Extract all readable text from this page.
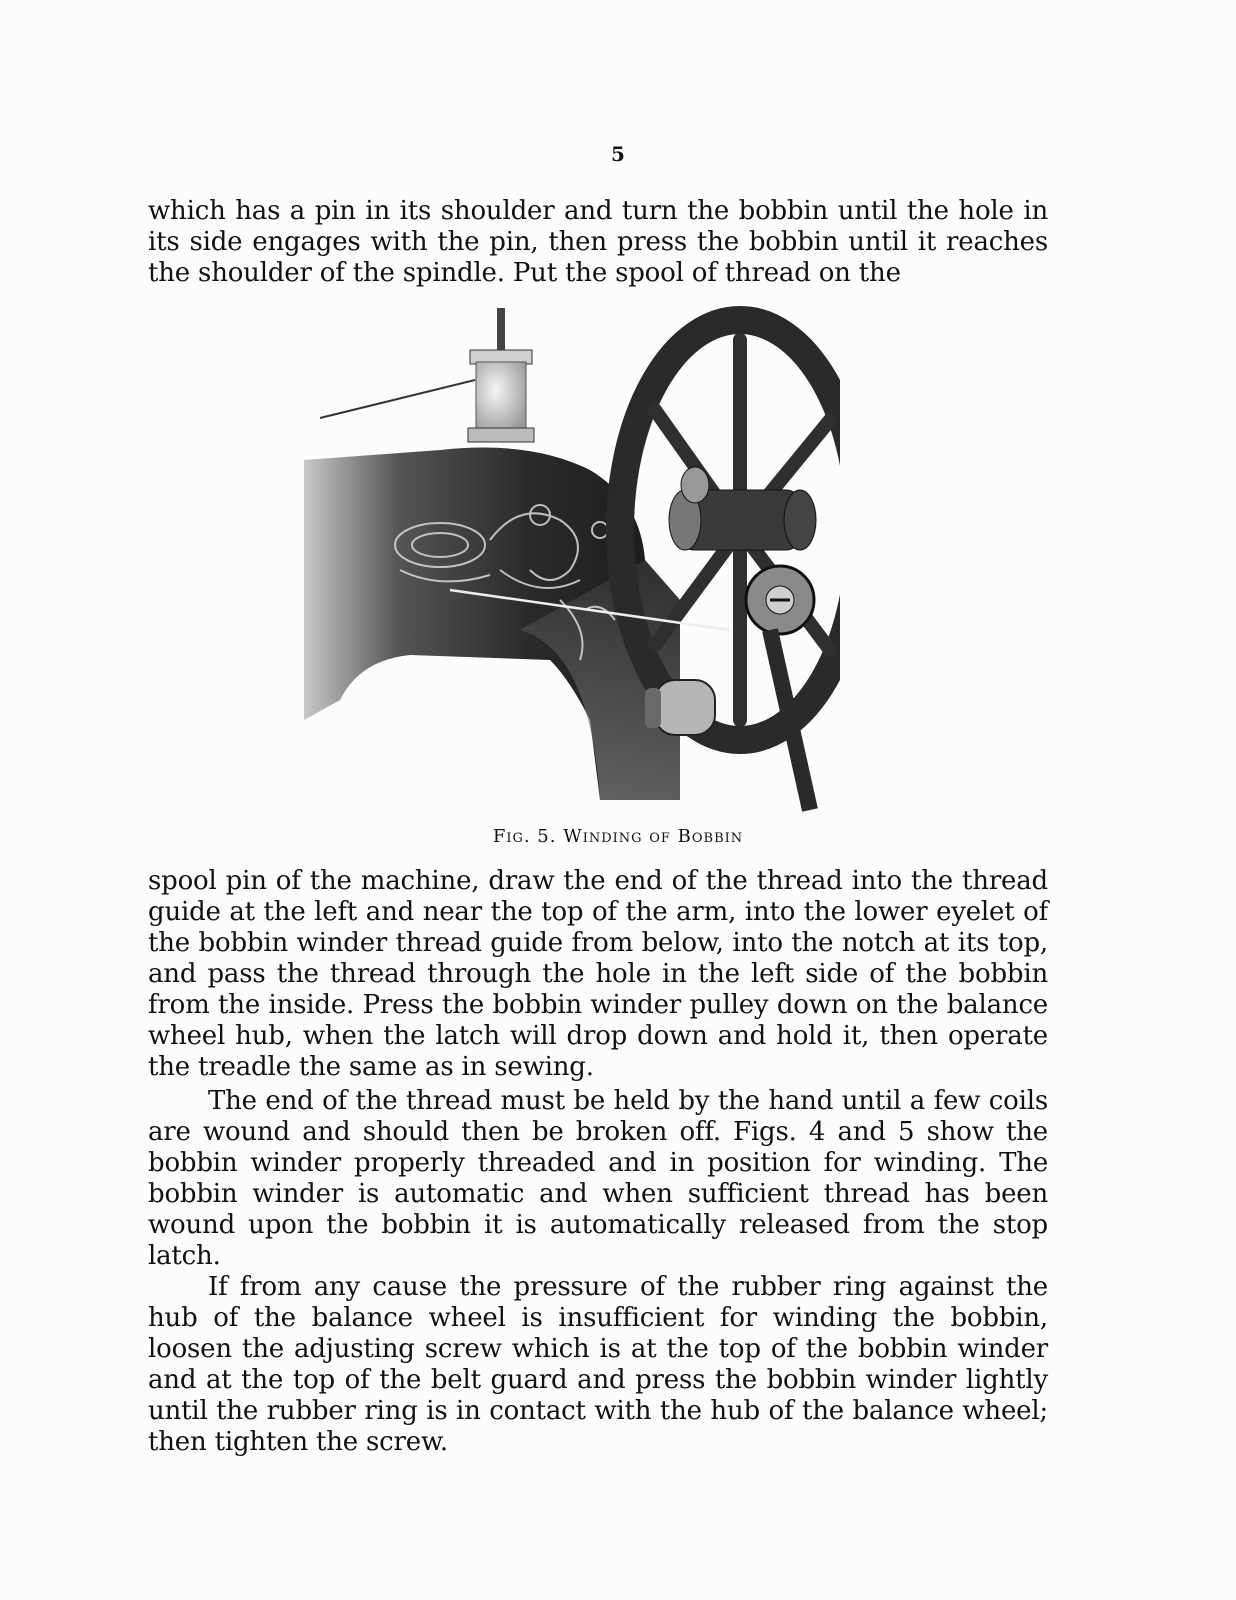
5

which has a pin in its shoulder and turn the bobbin until the hole in its side engages with the pin, then press the bobbin until it reaches the shoulder of the spindle. Put the spool of thread on the

Fig. 5. Winding of Bobbin

spool pin of the machine, draw the end of the thread into the thread guide at the left and near the top of the arm, into the lower eyelet of the bobbin winder thread guide from below, into the notch at its top, and pass the thread through the hole in the left side of the bobbin from the inside. Press the bobbin winder pulley down on the balance wheel hub, when the latch will drop down and hold it, then operate the treadle the same as in sewing.

The end of the thread must be held by the hand until a few coils are wound and should then be broken off. Figs. 4 and 5 show the bobbin winder properly threaded and in position for winding. The bobbin winder is automatic and when sufficient thread has been wound upon the bobbin it is automatically released from the stop latch.

If from any cause the pressure of the rubber ring against the hub of the balance wheel is insufficient for winding the bobbin, loosen the adjusting screw which is at the top of the bobbin winder and at the top of the belt guard and press the bobbin winder lightly until the rubber ring is in contact with the hub of the balance wheel; then tighten the screw.
